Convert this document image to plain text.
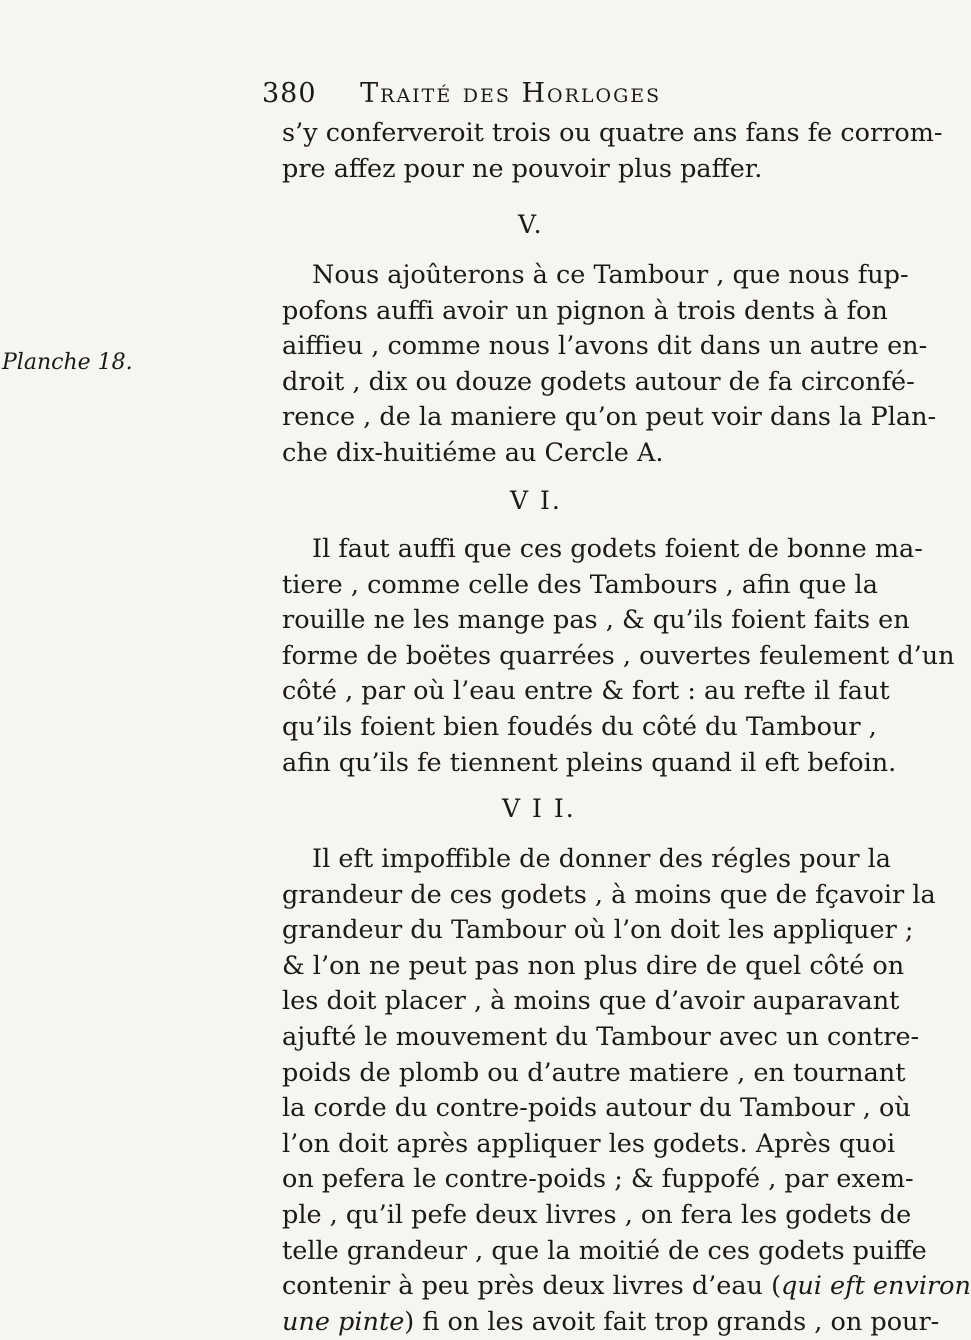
380 Traité des Horloges
Planche 18.
s’y conferveroit trois ou quatre ans fans fe corrom-
pre affez pour ne pouvoir plus paffer.
V.
Nous ajoûterons à ce Tambour , que nous fup-
pofons auffi avoir un pignon à trois dents à fon
aiffieu , comme nous l’avons dit dans un autre en-
droit , dix ou douze godets autour de fa circonfé-
rence , de la maniere qu’on peut voir dans la Plan-
che dix-huitiéme au Cercle A.
V I.
Il faut auffi que ces godets foient de bonne ma-
tiere , comme celle des Tambours , afin que la
rouille ne les mange pas , & qu’ils foient faits en
forme de boëtes quarrées , ouvertes feulement d’un
côté , par où l’eau entre & fort : au refte il faut
qu’ils foient bien foudés du côté du Tambour ,
afin qu’ils fe tiennent pleins quand il eft befoin.
V I I.
Il eft impoffible de donner des régles pour la
grandeur de ces godets , à moins que de fçavoir la
grandeur du Tambour où l’on doit les appliquer ;
& l’on ne peut pas non plus dire de quel côté on
les doit placer , à moins que d’avoir auparavant
ajufté le mouvement du Tambour avec un contre-
poids de plomb ou d’autre matiere , en tournant
la corde du contre-poids autour du Tambour , où
l’on doit après appliquer les godets. Après quoi
on pefera le contre-poids ; & fuppofé , par exem-
ple , qu’il pefe deux livres , on fera les godets de
telle grandeur , que la moitié de ces godets puiffe
contenir à peu près deux livres d’eau (qui eft environ
une pinte) fi on les avoit fait trop grands , on pour-
